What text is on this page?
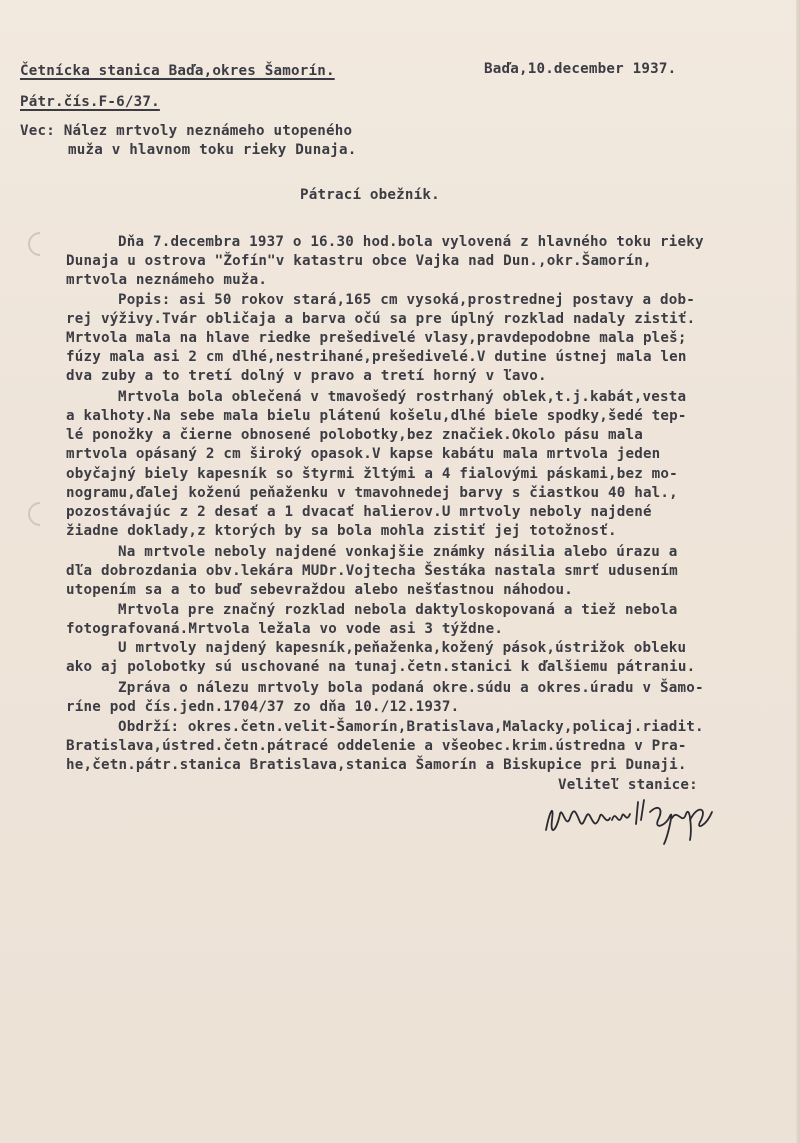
Četnícka stanica Baďa,okres Šamorín.	Baďa,10.december 1937.
Pátr.čís.F-6/37.
Vec: Nález mrtvoly neznámeho utopeného
muža v hlavnom toku rieky Dunaja.
Pátrací obežník.
Dňa 7.decembra 1937 o 16.30 hod.bola vylovená z hlavného toku rieky
Dunaja u ostrova "Žofín"v katastru obce Vajka nad Dun.,okr.Šamorín,
mrtvola neznámeho muža.
Popis: asi 50 rokov stará,165 cm vysoká,prostrednej postavy a dob-
rej výživy.Tvár obličaja a barva očú sa pre úplný rozklad nadaly zistiť.
Mrtvola mala na hlave riedke prešedivelé vlasy,pravdepodobne mala pleš;
fúzy mala asi 2 cm dlhé,nestrihané,prešedivelé.V dutine ústnej mala len
dva zuby a to tretí dolný v pravo a tretí horný v ľavo.
Mrtvola bola oblečená v tmavošedý rostrhaný oblek,t.j.kabát,vesta
a kalhoty.Na sebe mala bielu plátenú košelu,dlhé biele spodky,šedé tep-
lé ponožky a čierne obnosené polobotky,bez značiek.Okolo pásu mala
mrtvola opásaný 2 cm široký opasok.V kapse kabátu mala mrtvola jeden
obyčajný biely kapesník so štyrmi žltými a 4 fialovými páskami,bez mo-
nogramu,ďalej koženú peňaženku v tmavohnedej barvy s čiastkou 40 hal.,
pozostávajúc z 2 desať a 1 dvacať halierov.U mrtvoly neboly najdené
žiadne doklady,z ktorých by sa bola mohla zistiť jej totožnosť.
Na mrtvole neboly najdené vonkajšie známky násilia alebo úrazu a
dľa dobrozdania obv.lekára MUDr.Vojtecha Šestáka nastala smrť udusením
utopením sa a to buď sebevraždou alebo nešťastnou náhodou.
Mrtvola pre značný rozklad nebola daktyloskopovaná a tiež nebola
fotografovaná.Mrtvola ležala vo vode asi 3 týždne.
U mrtvoly najdený kapesník,peňaženka,kožený pások,ústrižok obleku
ako aj polobotky sú uschované na tunaj.četn.stanici k ďalšiemu pátraniu.
Zpráva o nálezu mrtvoly bola podaná okre.súdu a okres.úradu v Šamo-
ríne pod čís.jedn.1704/37 zo dňa 10./12.1937.
Obdrží: okres.četn.velit-Šamorín,Bratislava,Malacky,policaj.riadit.
Bratislava,ústred.četn.pátracé oddelenie a všeobec.krim.ústredna v Pra-
he,četn.pátr.stanica Bratislava,stanica Šamorín a Biskupice pri Dunaji.
Veliteľ stanice:
